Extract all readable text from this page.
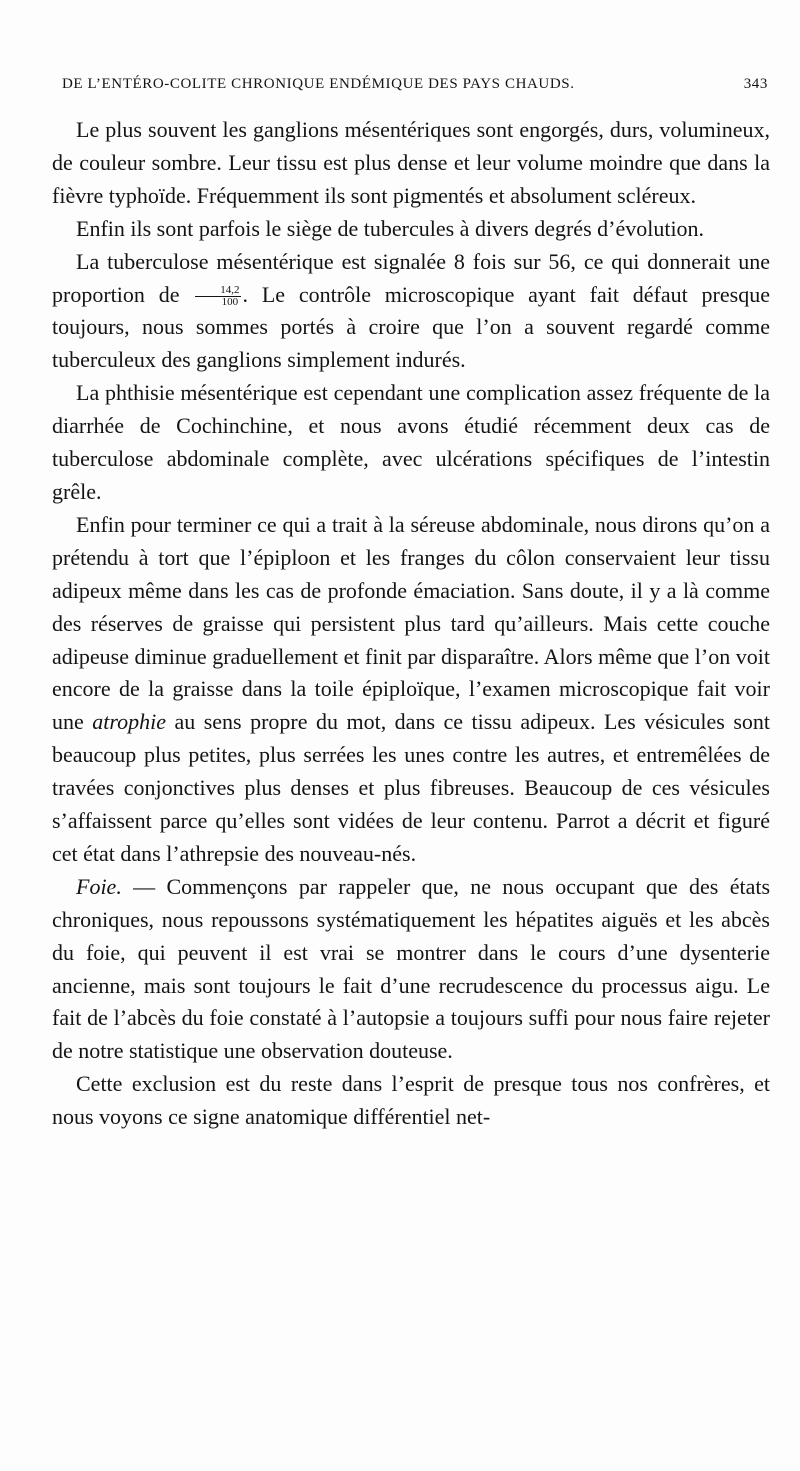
DE L’ENTÉRO-COLITE CHRONIQUE ENDÉMIQUE DES PAYS CHAUDS.	343

Le plus souvent les ganglions mésentériques sont engorgés, durs, volumineux, de couleur sombre. Leur tissu est plus dense et leur volume moindre que dans la fièvre typhoïde. Fréquemment ils sont pigmentés et absolument scléreux.

Enfin ils sont parfois le siège de tubercules à divers degrés d’évolution.

La tuberculose mésentérique est signalée 8 fois sur 56, ce qui donnerait une proportion de $\frac{14,2}{100}$ . Le contrôle microscopique ayant fait défaut presque toujours, nous sommes portés à croire que l’on a souvent regardé comme tuberculeux des ganglions simplement indurés.

La phthisie mésentérique est cependant une complication assez fréquente de la diarrhée de Cochinchine, et nous avons étudié récemment deux cas de tuberculose abdominale complète, avec ulcérations spécifiques de l’intestin grêle.

Enfin pour terminer ce qui a trait à la séreuse abdominale, nous dirons qu’on a prétendu à tort que l’épiploon et les franges du côlon conservaient leur tissu adipeux même dans les cas de profonde émaciation. Sans doute, il y a là comme des réserves de graisse qui persistent plus tard qu’ailleurs. Mais cette couche adipeuse diminue graduellement et finit par disparaître. Alors même que l’on voit encore de la graisse dans la toile épiploïque, l’examen microscopique fait voir une atrophie au sens propre du mot, dans ce tissu adipeux. Les vésicules sont beaucoup plus petites, plus serrées les unes contre les autres, et entremêlées de travées conjonctives plus denses et plus fibreuses. Beaucoup de ces vésicules s’affaissent parce qu’elles sont vidées de leur contenu. Parrot a décrit et figuré cet état dans l’athrepsie des nouveau-nés.

Foie. — Commençons par rappeler que, ne nous occupant que des états chroniques, nous repoussons systématiquement les hépatites aiguës et les abcès du foie, qui peuvent il est vrai se montrer dans le cours d’une dysenterie ancienne, mais sont toujours le fait d’une recrudescence du processus aigu. Le fait de l’abcès du foie constaté à l’autopsie a toujours suffi pour nous faire rejeter de notre statistique une observation douteuse.

Cette exclusion est du reste dans l’esprit de presque tous nos confrères, et nous voyons ce signe anatomique différentiel net-
